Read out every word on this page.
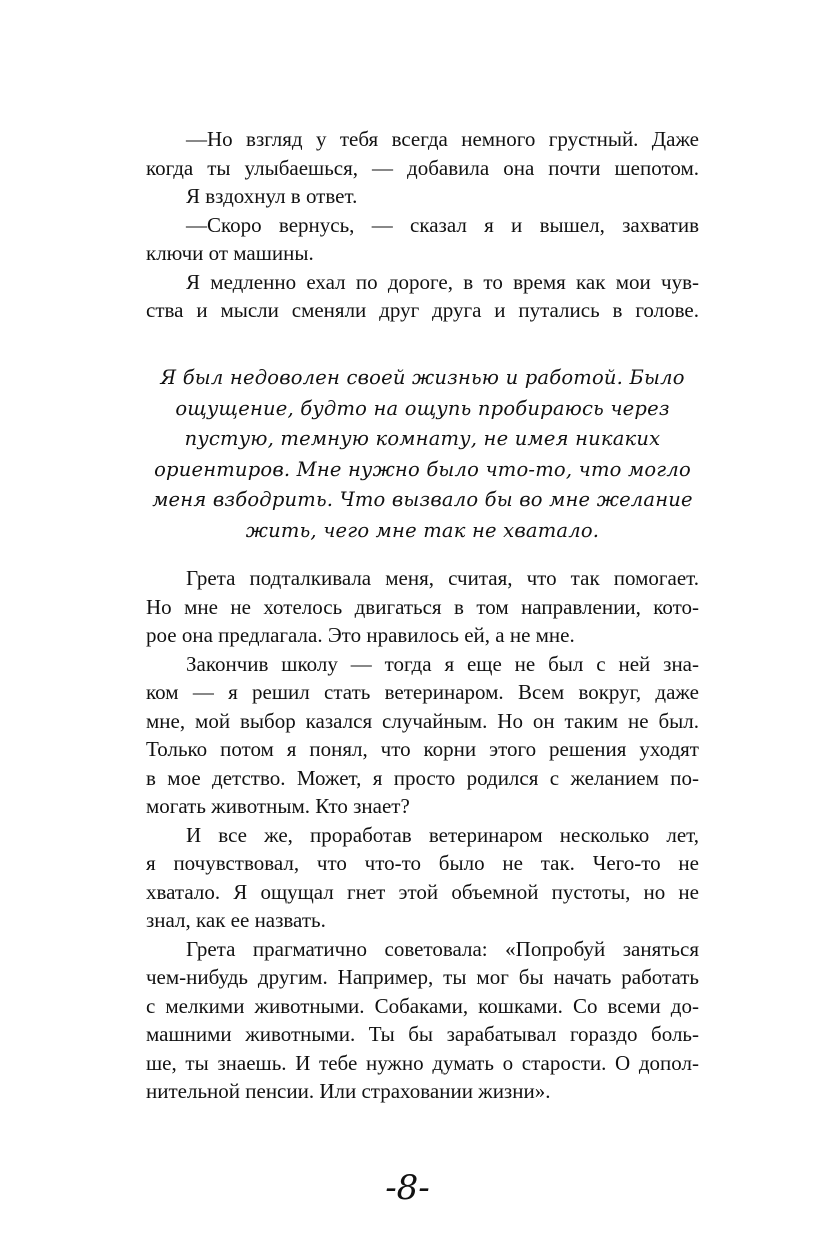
—Но взгляд у тебя всегда немного грустный. Даже
когда ты улыбаешься, — добавила она почти шепотом.
Я вздохнул в ответ.
—Скоро вернусь, — сказал я и вышел, захватив
ключи от машины.
Я медленно ехал по дороге, в то время как мои чув-
ства и мысли сменяли друг друга и путались в голове.
Я был недоволен своей жизнью и работой. Было
ощущение, будто на ощупь пробираюсь через
пустую, темную комнату, не имея никаких
ориентиров. Мне нужно было что-то, что могло
меня взбодрить. Что вызвало бы во мне желание
жить, чего мне так не хватало.
Грета подталкивала меня, считая, что так помогает.
Но мне не хотелось двигаться в том направлении, кото-
рое она предлагала. Это нравилось ей, а не мне.
Закончив школу — тогда я еще не был с ней зна-
ком — я решил стать ветеринаром. Всем вокруг, даже
мне, мой выбор казался случайным. Но он таким не был.
Только потом я понял, что корни этого решения уходят
в мое детство. Может, я просто родился с желанием по-
могать животным. Кто знает?
И все же, проработав ветеринаром несколько лет,
я почувствовал, что что-то было не так. Чего-то не
хватало. Я ощущал гнет этой объемной пустоты, но не
знал, как ее назвать.
Грета прагматично советовала: «Попробуй заняться
чем-нибудь другим. Например, ты мог бы начать работать
с мелкими животными. Собаками, кошками. Со всеми до-
машними животными. Ты бы зарабатывал гораздо боль-
ше, ты знаешь. И тебе нужно думать о старости. О допол-
нительной пенсии. Или страховании жизни».
-8-
